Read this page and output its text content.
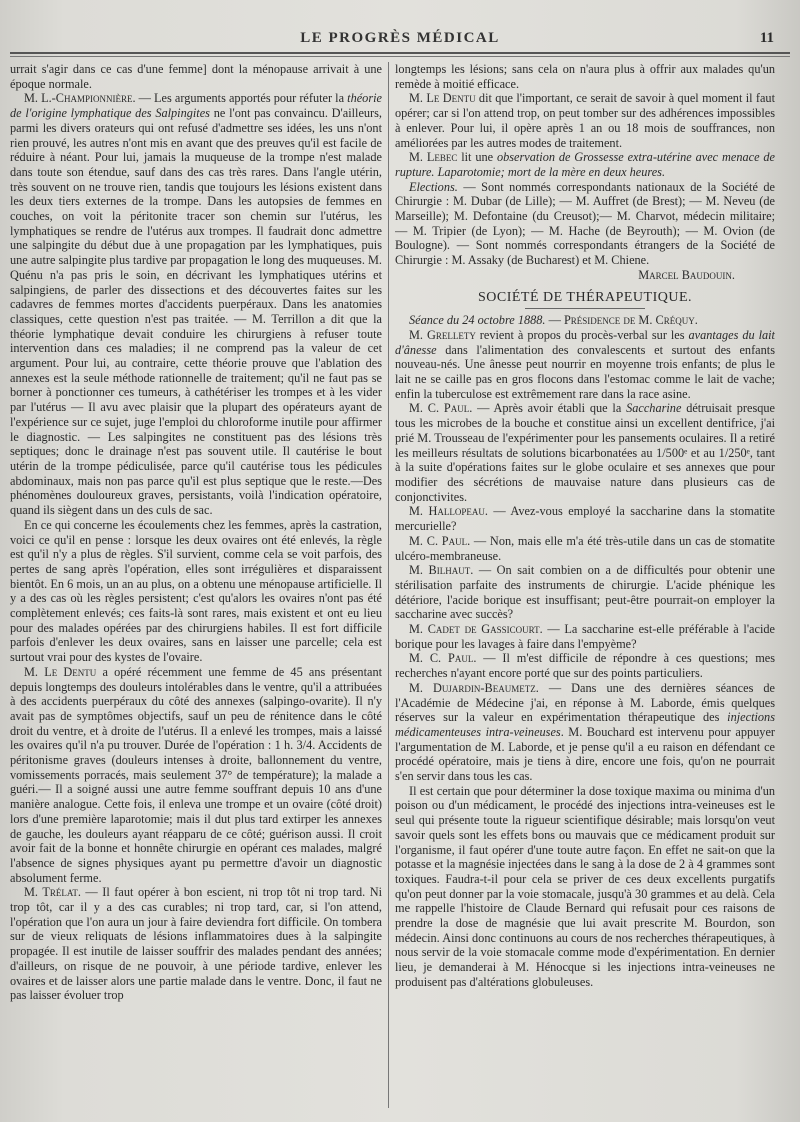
LE PROGRÈS MÉDICAL	11

urrait s'agir dans ce cas d'une femme] dont la ménopause arrivait à une époque normale.

M. L.-Championnière. — Les arguments apportés pour réfuter la théorie de l'origine lymphatique des Salpingites ne l'ont pas convaincu. D'ailleurs, parmi les divers orateurs qui ont refusé d'admettre ses idées, les uns n'ont rien prouvé, les autres n'ont mis en avant que des preuves qu'il est facile de réduire à néant. Pour lui, jamais la muqueuse de la trompe n'est malade dans toute son étendue, sauf dans des cas très rares. Dans l'angle utérin, très souvent on ne trouve rien, tandis que toujours les lésions existent dans les deux tiers externes de la trompe. Dans les autopsies de femmes en couches, on voit la péritonite tracer son chemin sur l'utérus, les lymphatiques se rendre de l'utérus aux trompes. Il faudrait donc admettre une salpingite du début due à une propagation par les lymphatiques, puis une autre salpingite plus tardive par propagation le long des muqueuses. M. Quénu n'a pas pris le soin, en décrivant les lymphatiques utérins et salpingiens, de parler des dissections et des découvertes faites sur les cadavres de femmes mortes d'accidents puerpéraux. Dans les anatomies classiques, cette question n'est pas traitée. — M. Terrillon a dit que la théorie lymphatique devait conduire les chirurgiens à refuser toute intervention dans ces maladies; il ne comprend pas la valeur de cet argument. Pour lui, au contraire, cette théorie prouve que l'ablation des annexes est la seule méthode rationnelle de traitement; qu'il ne faut pas se borner à ponctionner ces tumeurs, à cathétériser les trompes et à les vider par l'utérus — Il avu avec plaisir que la plupart des opérateurs ayant de l'expérience sur ce sujet, juge l'emploi du chloroforme inutile pour affirmer le diagnostic. — Les salpingites ne constituent pas des lésions très septiques; donc le drainage n'est pas souvent utile. Il cautérise le bout utérin de la trompe pédiculisée, parce qu'il cautérise tous les pédicules abdominaux, mais non pas parce qu'il est plus septique que le reste.—Des phénomènes douloureux graves, persistants, voilà l'indication opératoire, quand ils siègent dans un des culs de sac.

En ce qui concerne les écoulements chez les femmes, après la castration, voici ce qu'il en pense : lorsque les deux ovaires ont été enlevés, la règle est qu'il n'y a plus de règles. S'il survient, comme cela se voit parfois, des pertes de sang après l'opération, elles sont irrégulières et disparaissent bientôt. En 6 mois, un an au plus, on a obtenu une ménopause artificielle. Il y a des cas où les règles persistent; c'est qu'alors les ovaires n'ont pas été complètement enlevés; ces faits-là sont rares, mais existent et ont eu lieu pour des malades opérées par des chirurgiens habiles. Il est fort difficile parfois d'enlever les deux ovaires, sans en laisser une parcelle; cela est surtout vrai pour des kystes de l'ovaire.

M. Le Dentu a opéré récemment une femme de 45 ans présentant depuis longtemps des douleurs intolérables dans le ventre, qu'il a attribuées à des accidents puerpéraux du côté des annexes (salpingo-ovarite). Il n'y avait pas de symptômes objectifs, sauf un peu de rénitence dans le côté droit du ventre, et à droite de l'utérus. Il a enlevé les trompes, mais a laissé les ovaires qu'il n'a pu trouver. Durée de l'opération : 1 h. 3/4. Accidents de péritonisme graves (douleurs intenses à droite, ballonnement du ventre, vomissements porracés, mais seulement 37° de température); la malade a guéri.— Il a soigné aussi une autre femme souffrant depuis 10 ans d'une manière analogue. Cette fois, il enleva une trompe et un ovaire (côté droit) lors d'une première laparotomie; mais il dut plus tard extirper les annexes de gauche, les douleurs ayant réapparu de ce côté; guérison aussi. Il croit avoir fait de la bonne et honnête chirurgie en opérant ces malades, malgré l'absence de signes physiques ayant pu permettre d'avoir un diagnostic absolument ferme.

M. Trélat. — Il faut opérer à bon escient, ni trop tôt ni trop tard. Ni trop tôt, car il y a des cas curables; ni trop tard, car, si l'on attend, l'opération que l'on aura un jour à faire deviendra fort difficile. On tombera sur de vieux reliquats de lésions inflammatoires dues à la salpingite propagée. Il est inutile de laisser souffrir des malades pendant des années; d'ailleurs, on risque de ne pouvoir, à une période tardive, enlever les ovaires et de laisser alors une partie malade dans le ventre. Donc, il faut ne pas laisser évoluer trop

longtemps les lésions; sans cela on n'aura plus à offrir aux malades qu'un remède à moitié efficace.

M. Le Dentu dit que l'important, ce serait de savoir à quel moment il faut opérer; car si l'on attend trop, on peut tomber sur des adhérences impossibles à enlever. Pour lui, il opère après 1 an ou 18 mois de souffrances, non améliorées par les autres modes de traitement.

M. Lebec lit une observation de Grossesse extra-utérine avec menace de rupture. Laparotomie; mort de la mère en deux heures.

Elections. — Sont nommés correspondants nationaux de la Société de Chirurgie : M. Dubar (de Lille); — M. Auffret (de Brest); — M. Neveu (de Marseille); M. Defontaine (du Creusot);— M. Charvot, médecin militaire; — M. Tripier (de Lyon); — M. Hache (de Beyrouth); — M. Ovion (de Boulogne). — Sont nommés correspondants étrangers de la Société de Chirurgie : M. Assaky (de Bucharest) et M. Chiene.

Marcel Baudouin.

SOCIÉTÉ DE THÉRAPEUTIQUE.

Séance du 24 octobre 1888. — Présidence de M. Créquy.

M. Grellety revient à propos du procès-verbal sur les avantages du lait d'ânesse dans l'alimentation des convalescents et surtout des enfants nouveau-nés. Une ânesse peut nourrir en moyenne trois enfants; de plus le lait ne se caille pas en gros flocons dans l'estomac comme le lait de vache; enfin la tuberculose est extrêmement rare dans la race asine.

M. C. Paul. — Après avoir établi que la Saccharine détruisait presque tous les microbes de la bouche et constitue ainsi un excellent dentifrice, j'ai prié M. Trousseau de l'expérimenter pour les pansements oculaires. Il a retiré les meilleurs résultats de solutions bicarbonatées au 1/500ᵉ et au 1/250ᵉ, tant à la suite d'opérations faites sur le globe oculaire et ses annexes que pour modifier des sécrétions de mauvaise nature dans plusieurs cas de conjonctivites.

M. Hallopeau. — Avez-vous employé la saccharine dans la stomatite mercurielle?

M. C. Paul. — Non, mais elle m'a été très-utile dans un cas de stomatite ulcéro-membraneuse.

M. Bilhaut. — On sait combien on a de difficultés pour obtenir une stérilisation parfaite des instruments de chirurgie. L'acide phénique les détériore, l'acide borique est insuffisant; peut-être pourrait-on employer la saccharine avec succès?

M. Cadet de Gassicourt. — La saccharine est-elle préférable à l'acide borique pour les lavages à faire dans l'empyème?

M. C. Paul. — Il m'est difficile de répondre à ces questions; mes recherches n'ayant encore porté que sur des points particuliers.

M. Dujardin-Beaumetz. — Dans une des dernières séances de l'Académie de Médecine j'ai, en réponse à M. Laborde, émis quelques réserves sur la valeur en expérimentation thérapeutique des injections médicamenteuses intra-veineuses. M. Bouchard est intervenu pour appuyer l'argumentation de M. Laborde, et je pense qu'il a eu raison en défendant ce procédé opératoire, mais je tiens à dire, encore une fois, qu'on ne pourrait s'en servir dans tous les cas.

Il est certain que pour déterminer la dose toxique maxima ou minima d'un poison ou d'un médicament, le procédé des injections intra-veineuses est le seul qui présente toute la rigueur scientifique désirable; mais lorsqu'on veut savoir quels sont les effets bons ou mauvais que ce médicament produit sur l'organisme, il faut opérer d'une toute autre façon. En effet ne sait-on que la potasse et la magnésie injectées dans le sang à la dose de 2 à 4 grammes sont toxiques. Faudra-t-il pour cela se priver de ces deux excellents purgatifs qu'on peut donner par la voie stomacale, jusqu'à 30 grammes et au delà. Cela me rappelle l'histoire de Claude Bernard qui refusait pour ces raisons de prendre la dose de magnésie que lui avait prescrite M. Bourdon, son médecin. Ainsi donc continuons au cours de nos recherches thérapeutiques, à nous servir de la voie stomacale comme mode d'expérimentation. En dernier lieu, je demanderai à M. Hénocque si les injections intra-veineuses ne produisent pas d'altérations globuleuses.
